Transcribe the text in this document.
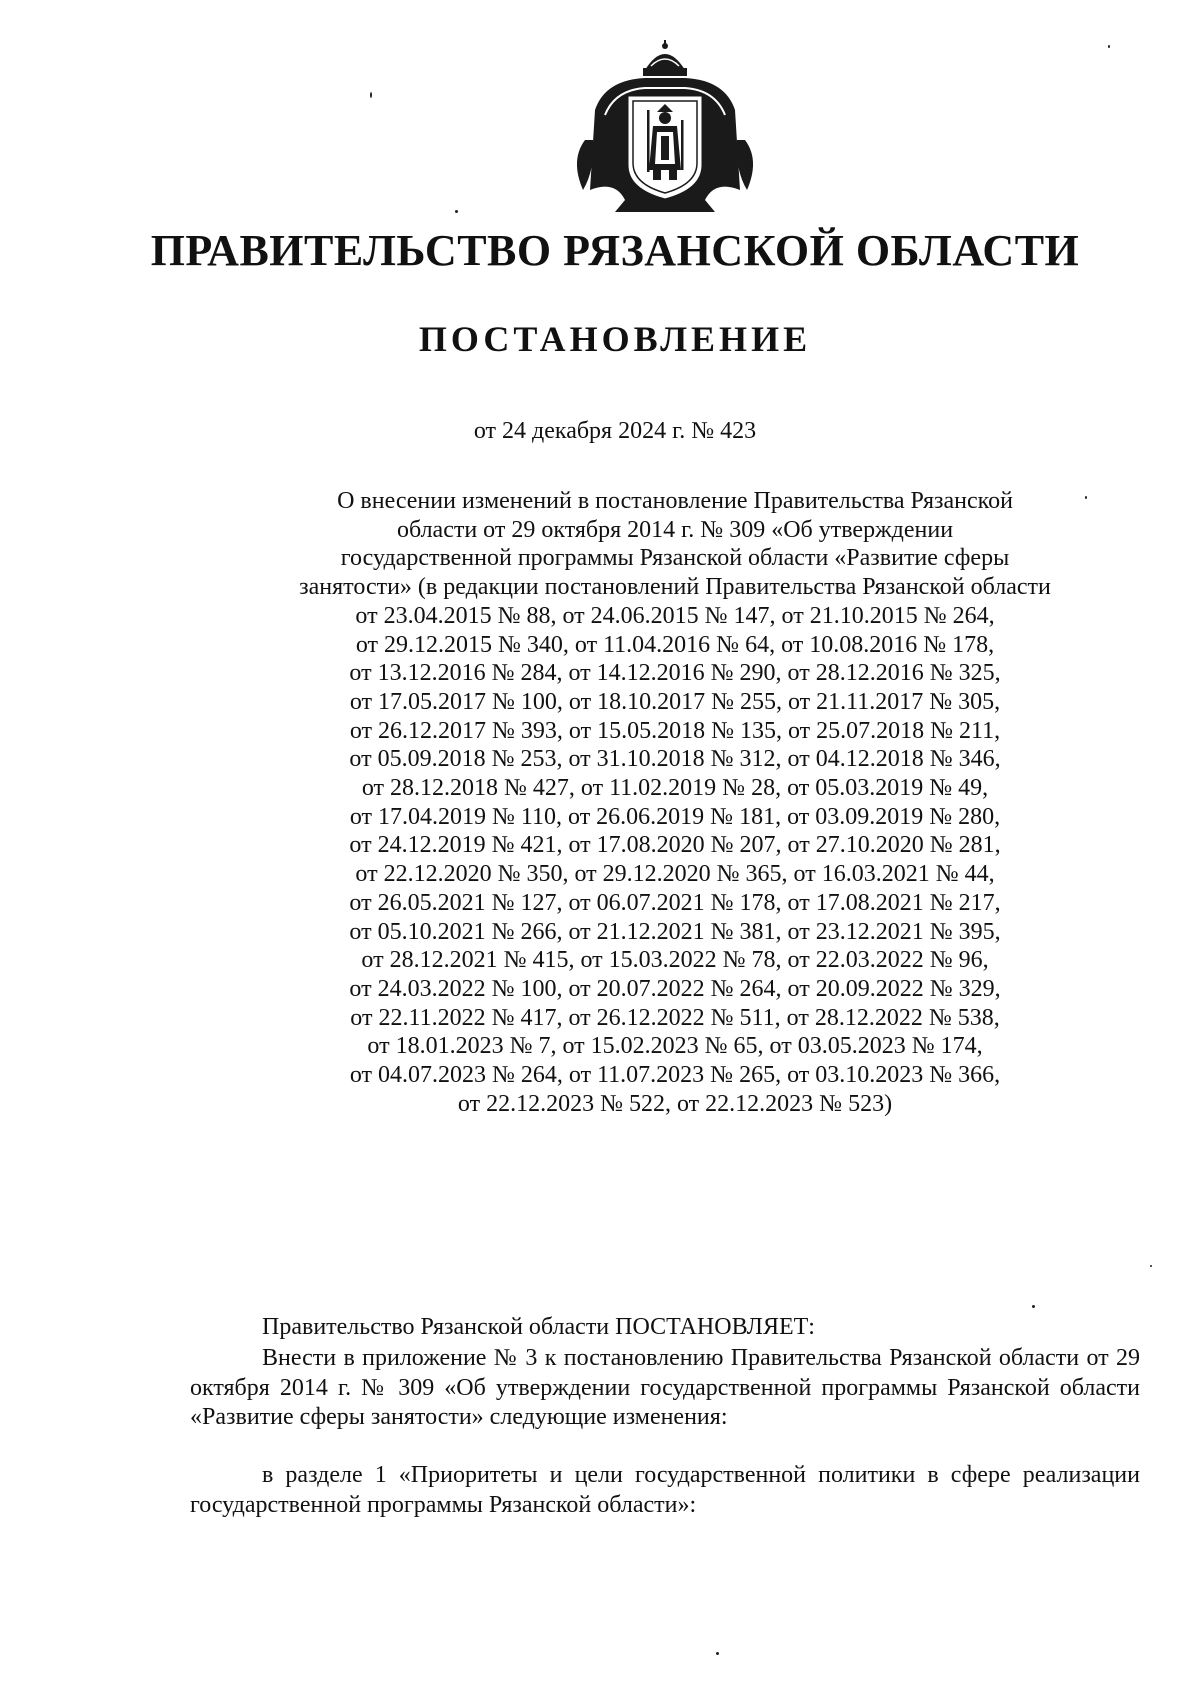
ПРАВИТЕЛЬСТВО РЯЗАНСКОЙ ОБЛАСТИ
ПОСТАНОВЛЕНИЕ
от 24 декабря 2024 г. № 423
О внесении изменений в постановление Правительства Рязанской
области от 29 октября 2014 г. № 309 «Об утверждении
государственной программы Рязанской области «Развитие сферы
занятости» (в редакции постановлений Правительства Рязанской области
от 23.04.2015 № 88, от 24.06.2015 № 147, от 21.10.2015 № 264,
от 29.12.2015 № 340, от 11.04.2016 № 64, от 10.08.2016 № 178,
от 13.12.2016 № 284, от 14.12.2016 № 290, от 28.12.2016 № 325,
от 17.05.2017 № 100, от 18.10.2017 № 255, от 21.11.2017 № 305,
от 26.12.2017 № 393, от 15.05.2018 № 135, от 25.07.2018 № 211,
от 05.09.2018 № 253, от 31.10.2018 № 312, от 04.12.2018 № 346,
от 28.12.2018 № 427, от 11.02.2019 № 28, от 05.03.2019 № 49,
от 17.04.2019 № 110, от 26.06.2019 № 181, от 03.09.2019 № 280,
от 24.12.2019 № 421, от 17.08.2020 № 207, от 27.10.2020 № 281,
от 22.12.2020 № 350, от 29.12.2020 № 365, от 16.03.2021 № 44,
от 26.05.2021 № 127, от 06.07.2021 № 178, от 17.08.2021 № 217,
от 05.10.2021 № 266, от 21.12.2021 № 381, от 23.12.2021 № 395,
от 28.12.2021 № 415, от 15.03.2022 № 78, от 22.03.2022 № 96,
от 24.03.2022 № 100, от 20.07.2022 № 264, от 20.09.2022 № 329,
от 22.11.2022 № 417, от 26.12.2022 № 511, от 28.12.2022 № 538,
от 18.01.2023 № 7, от 15.02.2023 № 65, от 03.05.2023 № 174,
от 04.07.2023 № 264, от 11.07.2023 № 265, от 03.10.2023 № 366,
от 22.12.2023 № 522, от 22.12.2023 № 523)
Правительство Рязанской области ПОСТАНОВЛЯЕТ:
Внести в приложение № 3 к постановлению Правительства Рязанской области от 29 октября 2014 г. № 309 «Об утверждении государственной программы Рязанской области «Развитие сферы занятости» следующие изменения:
в разделе 1 «Приоритеты и цели государственной политики в сфере реализации государственной программы Рязанской области»:
